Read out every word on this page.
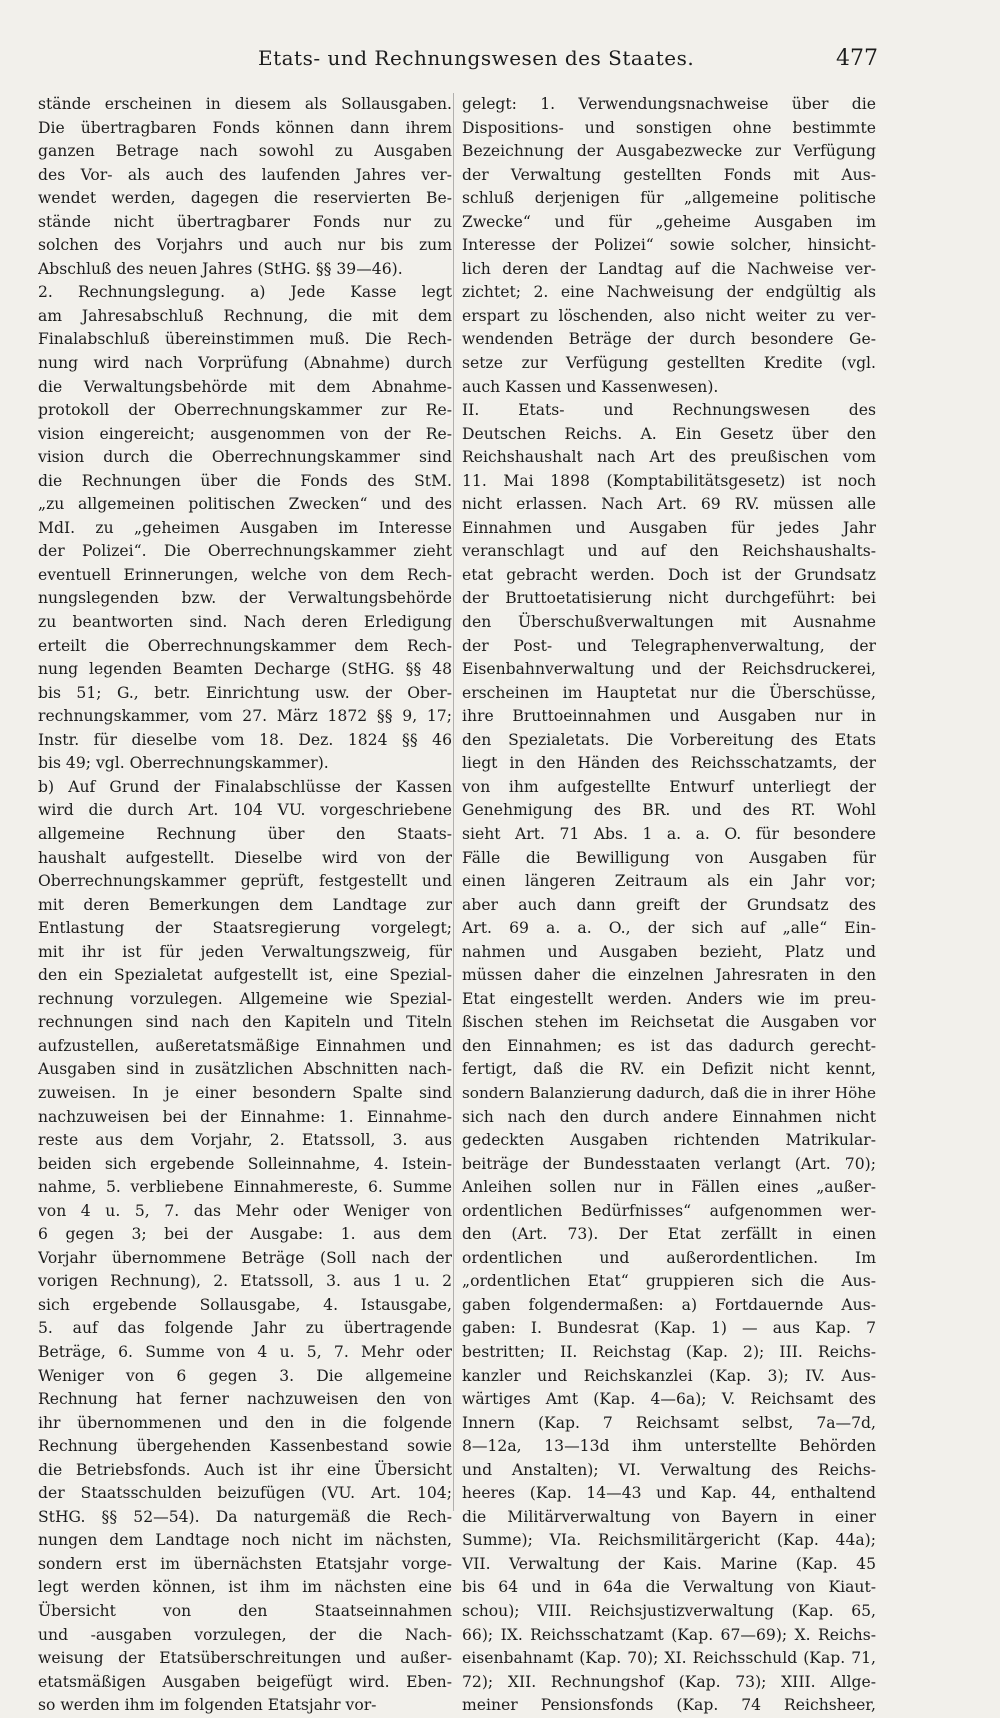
Etats- und Rechnungswesen des Staates.	477
stände erscheinen in diesem als Sollausgaben.
Die übertragbaren Fonds können dann ihrem
ganzen Betrage nach sowohl zu Ausgaben
des Vor- als auch des laufenden Jahres ver-
wendet werden, dagegen die reservierten Be-
stände nicht übertragbarer Fonds nur zu
solchen des Vorjahrs und auch nur bis zum
Abschluß des neuen Jahres (StHG. §§ 39—46).
2. Rechnungslegung. a) Jede Kasse legt
am Jahresabschluß Rechnung, die mit dem
Finalabschluß übereinstimmen muß. Die Rech-
nung wird nach Vorprüfung (Abnahme) durch
die Verwaltungsbehörde mit dem Abnahme-
protokoll der Oberrechnungskammer zur Re-
vision eingereicht; ausgenommen von der Re-
vision durch die Oberrechnungskammer sind
die Rechnungen über die Fonds des StM.
„zu allgemeinen politischen Zwecken“ und des
MdI. zu „geheimen Ausgaben im Interesse
der Polizei“. Die Oberrechnungskammer zieht
eventuell Erinnerungen, welche von dem Rech-
nungslegenden bzw. der Verwaltungsbehörde
zu beantworten sind. Nach deren Erledigung
erteilt die Oberrechnungskammer dem Rech-
nung legenden Beamten Decharge (StHG. §§ 48
bis 51; G., betr. Einrichtung usw. der Ober-
rechnungskammer, vom 27. März 1872 §§ 9, 17;
Instr. für dieselbe vom 18. Dez. 1824 §§ 46
bis 49; vgl. Oberrechnungskammer).
b) Auf Grund der Finalabschlüsse der Kassen
wird die durch Art. 104 VU. vorgeschriebene
allgemeine Rechnung über den Staats-
haushalt aufgestellt. Dieselbe wird von der
Oberrechnungskammer geprüft, festgestellt und
mit deren Bemerkungen dem Landtage zur
Entlastung der Staatsregierung vorgelegt;
mit ihr ist für jeden Verwaltungszweig, für
den ein Spezialetat aufgestellt ist, eine Spezial-
rechnung vorzulegen. Allgemeine wie Spezial-
rechnungen sind nach den Kapiteln und Titeln
aufzustellen, außeretatsmäßige Einnahmen und
Ausgaben sind in zusätzlichen Abschnitten nach-
zuweisen. In je einer besondern Spalte sind
nachzuweisen bei der Einnahme: 1. Einnahme-
reste aus dem Vorjahr, 2. Etatssoll, 3. aus
beiden sich ergebende Solleinnahme, 4. Istein-
nahme, 5. verbliebene Einnahmereste, 6. Summe
von 4 u. 5, 7. das Mehr oder Weniger von
6 gegen 3; bei der Ausgabe: 1. aus dem
Vorjahr übernommene Beträge (Soll nach der
vorigen Rechnung), 2. Etatssoll, 3. aus 1 u. 2
sich ergebende Sollausgabe, 4. Istausgabe,
5. auf das folgende Jahr zu übertragende
Beträge, 6. Summe von 4 u. 5, 7. Mehr oder
Weniger von 6 gegen 3. Die allgemeine
Rechnung hat ferner nachzuweisen den von
ihr übernommenen und den in die folgende
Rechnung übergehenden Kassenbestand sowie
die Betriebsfonds. Auch ist ihr eine Übersicht
der Staatsschulden beizufügen (VU. Art. 104;
StHG. §§ 52—54). Da naturgemäß die Rech-
nungen dem Landtage noch nicht im nächsten,
sondern erst im übernächsten Etatsjahr vorge-
legt werden können, ist ihm im nächsten eine
Übersicht von den Staatseinnahmen
und -ausgaben vorzulegen, der die Nach-
weisung der Etatsüberschreitungen und außer-
etatsmäßigen Ausgaben beigefügt wird. Eben-
so werden ihm im folgenden Etatsjahr vor-
gelegt: 1. Verwendungsnachweise über die
Dispositions- und sonstigen ohne bestimmte
Bezeichnung der Ausgabezwecke zur Verfügung
der Verwaltung gestellten Fonds mit Aus-
schluß derjenigen für „allgemeine politische
Zwecke“ und für „geheime Ausgaben im
Interesse der Polizei“ sowie solcher, hinsicht-
lich deren der Landtag auf die Nachweise ver-
zichtet; 2. eine Nachweisung der endgültig als
erspart zu löschenden, also nicht weiter zu ver-
wendenden Beträge der durch besondere Ge-
setze zur Verfügung gestellten Kredite (vgl.
auch Kassen und Kassenwesen).
II. Etats- und Rechnungswesen des
Deutschen Reichs. A. Ein Gesetz über den
Reichshaushalt nach Art des preußischen vom
11. Mai 1898 (Komptabilitätsgesetz) ist noch
nicht erlassen. Nach Art. 69 RV. müssen alle
Einnahmen und Ausgaben für jedes Jahr
veranschlagt und auf den Reichshaushalts-
etat gebracht werden. Doch ist der Grundsatz
der Bruttoetatisierung nicht durchgeführt: bei
den Überschußverwaltungen mit Ausnahme
der Post- und Telegraphenverwaltung, der
Eisenbahnverwaltung und der Reichsdruckerei,
erscheinen im Hauptetat nur die Überschüsse,
ihre Bruttoeinnahmen und Ausgaben nur in
den Spezialetats. Die Vorbereitung des Etats
liegt in den Händen des Reichsschatzamts, der
von ihm aufgestellte Entwurf unterliegt der
Genehmigung des BR. und des RT. Wohl
sieht Art. 71 Abs. 1 a. a. O. für besondere
Fälle die Bewilligung von Ausgaben für
einen längeren Zeitraum als ein Jahr vor;
aber auch dann greift der Grundsatz des
Art. 69 a. a. O., der sich auf „alle“ Ein-
nahmen und Ausgaben bezieht, Platz und
müssen daher die einzelnen Jahresraten in den
Etat eingestellt werden. Anders wie im preu-
ßischen stehen im Reichsetat die Ausgaben vor
den Einnahmen; es ist das dadurch gerecht-
fertigt, daß die RV. ein Defizit nicht kennt,
sondern Balanzierung dadurch, daß die in ihrer Höhe
sich nach den durch andere Einnahmen nicht
gedeckten Ausgaben richtenden Matrikular-
beiträge der Bundesstaaten verlangt (Art. 70);
Anleihen sollen nur in Fällen eines „außer-
ordentlichen Bedürfnisses“ aufgenommen wer-
den (Art. 73). Der Etat zerfällt in einen
ordentlichen und außerordentlichen. Im
„ordentlichen Etat“ gruppieren sich die Aus-
gaben folgendermaßen: a) Fortdauernde Aus-
gaben: I. Bundesrat (Kap. 1) — aus Kap. 7
bestritten; II. Reichstag (Kap. 2); III. Reichs-
kanzler und Reichskanzlei (Kap. 3); IV. Aus-
wärtiges Amt (Kap. 4—6a); V. Reichsamt des
Innern (Kap. 7 Reichsamt selbst, 7a—7d,
8—12a, 13—13d ihm unterstellte Behörden
und Anstalten); VI. Verwaltung des Reichs-
heeres (Kap. 14—43 und Kap. 44, enthaltend
die Militärverwaltung von Bayern in einer
Summe); VIa. Reichsmilitärgericht (Kap. 44a);
VII. Verwaltung der Kais. Marine (Kap. 45
bis 64 und in 64a die Verwaltung von Kiaut-
schou); VIII. Reichsjustizverwaltung (Kap. 65,
66); IX. Reichsschatzamt (Kap. 67—69); X. Reichs-
eisenbahnamt (Kap. 70); XI. Reichsschuld (Kap. 71,
72); XII. Rechnungshof (Kap. 73); XIII. Allge-
meiner Pensionsfonds (Kap. 74 Reichsheer,
